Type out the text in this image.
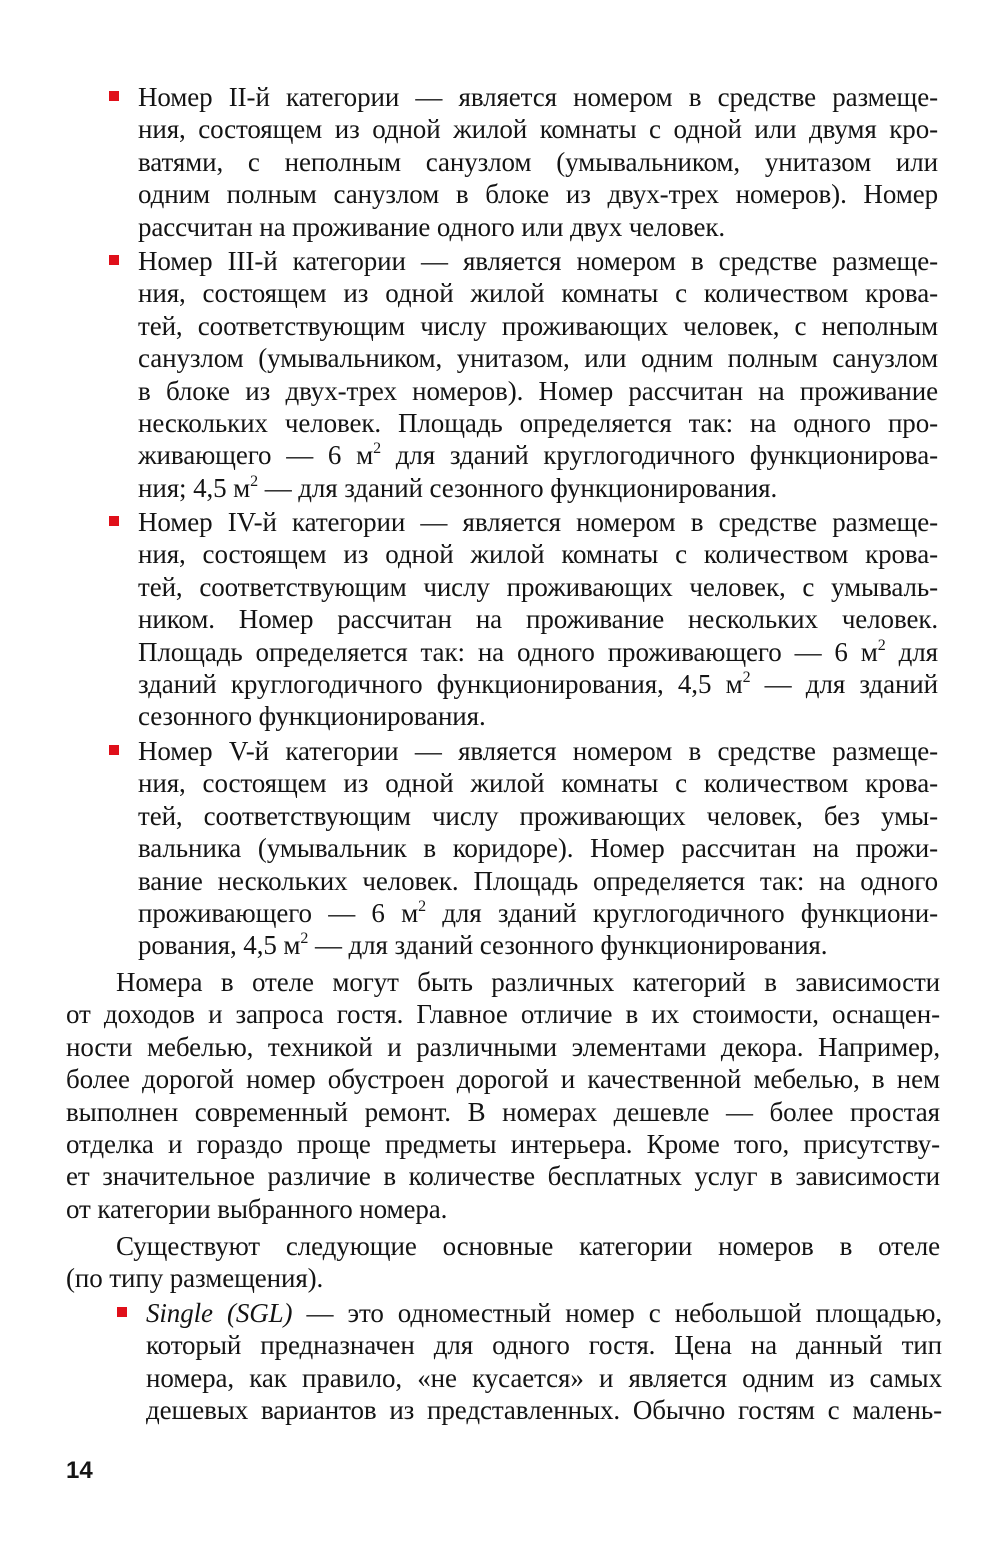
Номер II-й категории — является номером в средстве размеще-
ния, состоящем из одной жилой комнаты с одной или двумя кро-
ватями, с неполным санузлом (умывальником, унитазом или
одним полным санузлом в блоке из двух-трех номеров). Номер
рассчитан на проживание одного или двух человек.
Номер III-й категории — является номером в средстве размеще-
ния, состоящем из одной жилой комнаты с количеством крова-
тей, соответствующим числу проживающих человек, с неполным
санузлом (умывальником, унитазом, или одним полным санузлом
в блоке из двух-трех номеров). Номер рассчитан на проживание
нескольких человек. Площадь определяется так: на одного про-
живающего — 6 $м^2$ для зданий круглогодичного функционирова-
ния; 4,5 $м^2$ — для зданий сезонного функционирования.
Номер IV-й категории — является номером в средстве размеще-
ния, состоящем из одной жилой комнаты с количеством крова-
тей, соответствующим числу проживающих человек, с умываль-
ником. Номер рассчитан на проживание нескольких человек.
Площадь определяется так: на одного проживающего — 6 $м^2$ для
зданий круглогодичного функционирования, 4,5 $м^2$ — для зданий
сезонного функционирования.
Номер V-й категории — является номером в средстве размеще-
ния, состоящем из одной жилой комнаты с количеством крова-
тей, соответствующим числу проживающих человек, без умы-
вальника (умывальник в коридоре). Номер рассчитан на прожи-
вание нескольких человек. Площадь определяется так: на одного
проживающего — 6 $м^2$ для зданий круглогодичного функциони-
рования, 4,5 $м^2$ — для зданий сезонного функционирования.
Номера в отеле могут быть различных категорий в зависимости
от доходов и запроса гостя. Главное отличие в их стоимости, оснащен-
ности мебелью, техникой и различными элементами декора. Например,
более дорогой номер обустроен дорогой и качественной мебелью, в нем
выполнен современный ремонт. В номерах дешевле — более простая
отделка и гораздо проще предметы интерьера. Кроме того, присутству-
ет значительное различие в количестве бесплатных услуг в зависимости
от категории выбранного номера.
Существуют следующие основные категории номеров в отеле
(по типу размещения).
Single (SGL) — это одноместный номер с небольшой площадью,
который предназначен для одного гостя. Цена на данный тип
номера, как правило, «не кусается» и является одним из самых
дешевых вариантов из представленных. Обычно гостям с малень-
14
